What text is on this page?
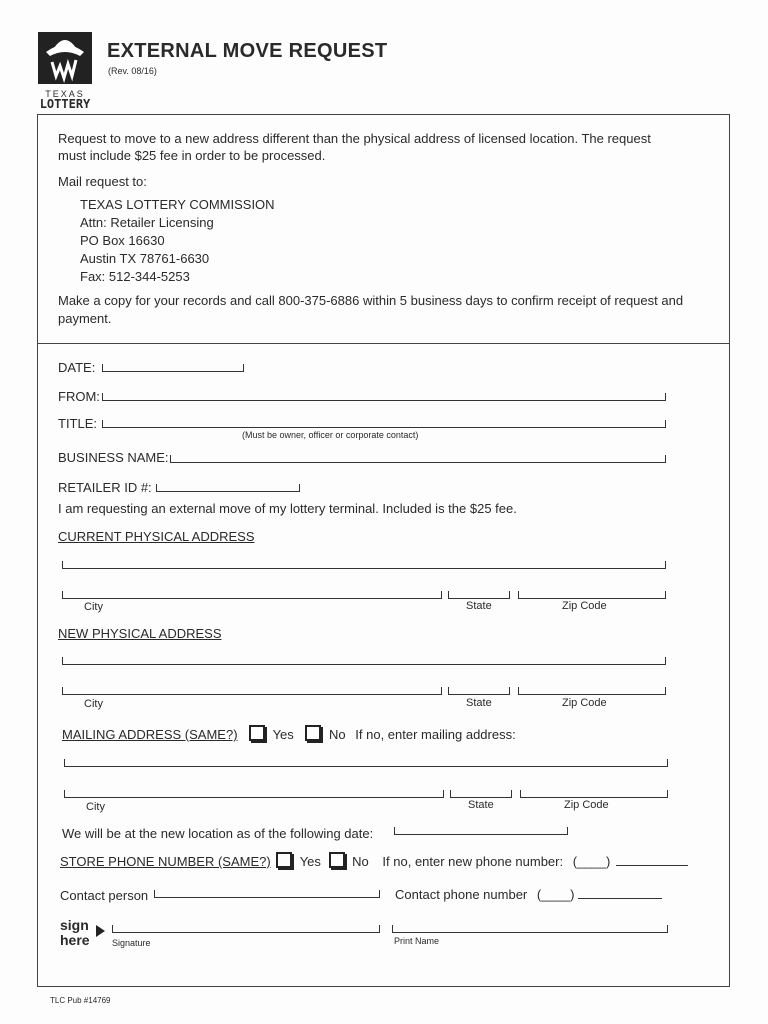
TEXAS
LOTTERY
EXTERNAL MOVE REQUEST
(Rev. 08/16)
Request to move to a new address different than the physical address of licensed location. The request
must include $25 fee in order to be processed.
Mail request to:
TEXAS LOTTERY COMMISSION
Attn: Retailer Licensing
PO Box 16630
Austin TX 78761-6630
Fax: 512-344-5253
Make a copy for your records and call 800-375-6886 within 5 business days to confirm receipt of request and
payment.
DATE:
FROM:
TITLE:
(Must be owner, officer or corporate contact)
BUSINESS NAME:
RETAILER ID #:
I am requesting an external move of my lottery terminal. Included is the $25 fee.
CURRENT PHYSICAL ADDRESS
City	State	Zip Code
NEW PHYSICAL ADDRESS
City	State	Zip Code
MAILING ADDRESS (SAME?)	Yes	No If no, enter mailing address:
City	State	Zip Code
We will be at the new location as of the following date:
STORE PHONE NUMBER (SAME?) Yes No If no, enter new phone number: (____)
Contact person	Contact phone number (____)
sign
here Signature	Print Name
TLC Pub #14769
